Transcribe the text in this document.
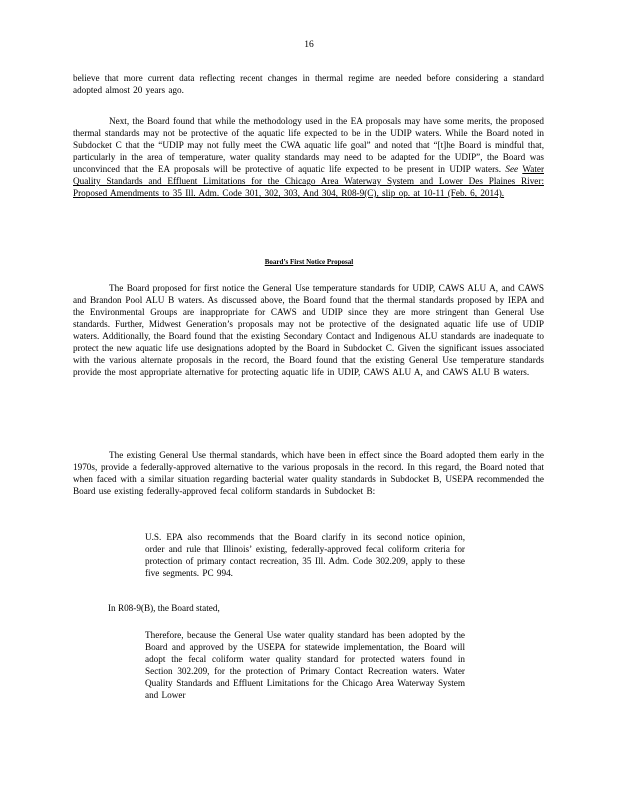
16
believe that more current data reflecting recent changes in thermal regime are needed before considering a standard adopted almost 20 years ago.
Next, the Board found that while the methodology used in the EA proposals may have some merits, the proposed thermal standards may not be protective of the aquatic life expected to be in the UDIP waters. While the Board noted in Subdocket C that the “UDIP may not fully meet the CWA aquatic life goal” and noted that “[t]he Board is mindful that, particularly in the area of temperature, water quality standards may need to be adapted for the UDIP”, the Board was unconvinced that the EA proposals will be protective of aquatic life expected to be present in UDIP waters. See Water Quality Standards and Effluent Limitations for the Chicago Area Waterway System and Lower Des Plaines River: Proposed Amendments to 35 Ill. Adm. Code 301, 302, 303, And 304, R08-9(C), slip op. at 10-11 (Feb. 6, 2014).
Board’s First Notice Proposal
The Board proposed for first notice the General Use temperature standards for UDIP, CAWS ALU A, and CAWS and Brandon Pool ALU B waters. As discussed above, the Board found that the thermal standards proposed by IEPA and the Environmental Groups are inappropriate for CAWS and UDIP since they are more stringent than General Use standards. Further, Midwest Generation’s proposals may not be protective of the designated aquatic life use of UDIP waters. Additionally, the Board found that the existing Secondary Contact and Indigenous ALU standards are inadequate to protect the new aquatic life use designations adopted by the Board in Subdocket C. Given the significant issues associated with the various alternate proposals in the record, the Board found that the existing General Use temperature standards provide the most appropriate alternative for protecting aquatic life in UDIP, CAWS ALU A, and CAWS ALU B waters.
The existing General Use thermal standards, which have been in effect since the Board adopted them early in the 1970s, provide a federally-approved alternative to the various proposals in the record. In this regard, the Board noted that when faced with a similar situation regarding bacterial water quality standards in Subdocket B, USEPA recommended the Board use existing federally-approved fecal coliform standards in Subdocket B:
U.S. EPA also recommends that the Board clarify in its second notice opinion, order and rule that Illinois’ existing, federally-approved fecal coliform criteria for protection of primary contact recreation, 35 Ill. Adm. Code 302.209, apply to these five segments. PC 994.
In R08-9(B), the Board stated,
Therefore, because the General Use water quality standard has been adopted by the Board and approved by the USEPA for statewide implementation, the Board will adopt the fecal coliform water quality standard for protected waters found in Section 302.209, for the protection of Primary Contact Recreation waters. Water Quality Standards and Effluent Limitations for the Chicago Area Waterway System and Lower
